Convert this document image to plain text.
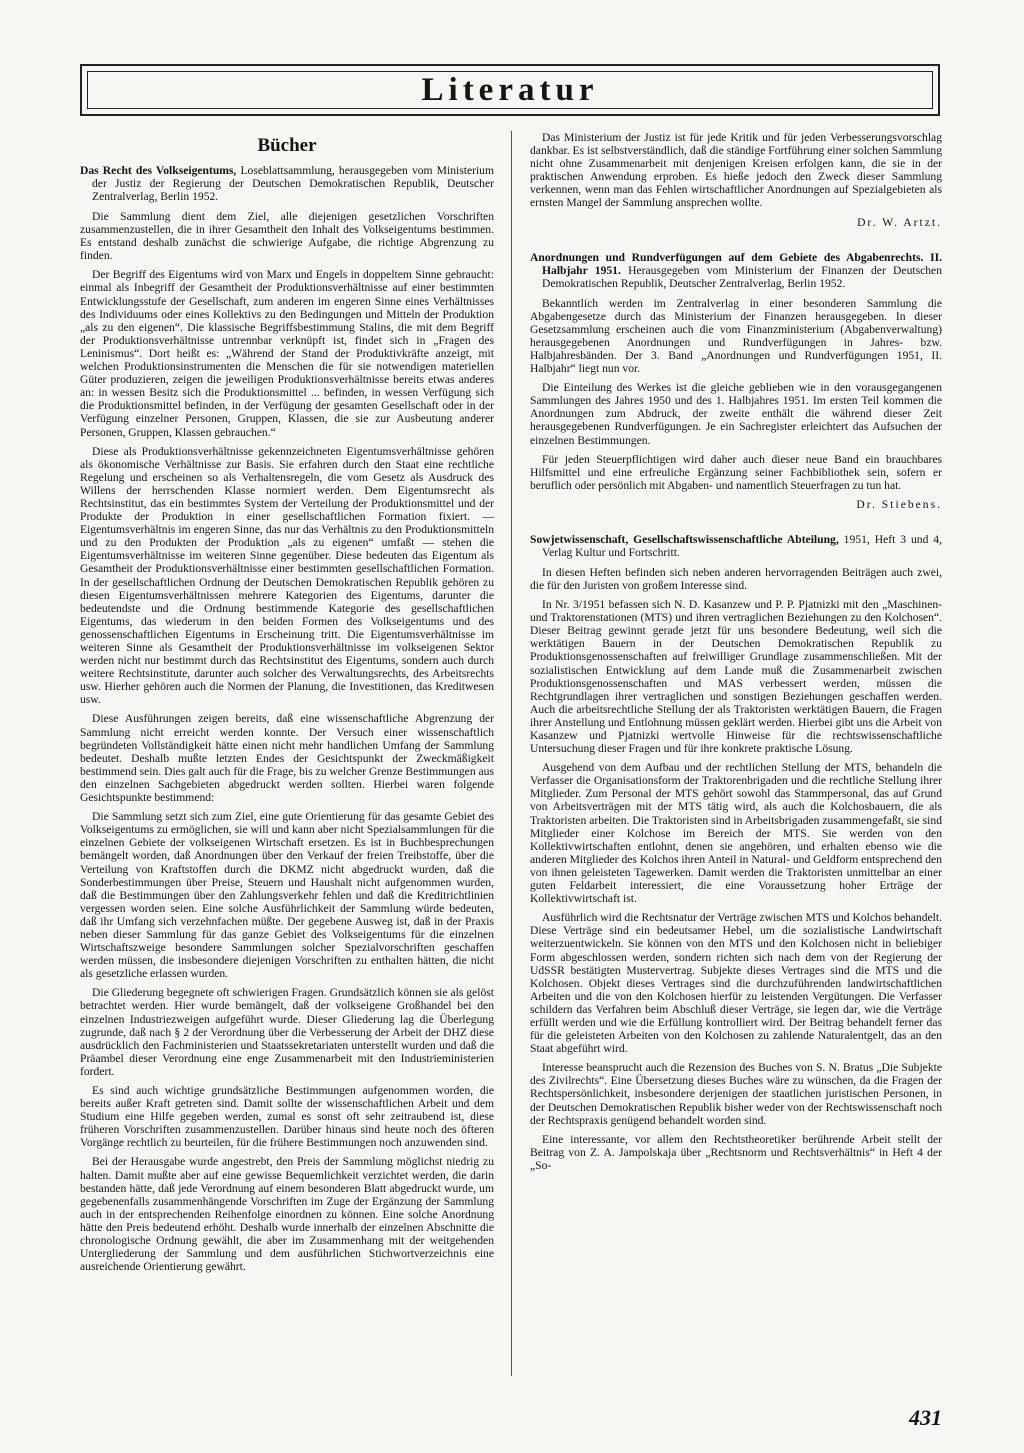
Literatur
Bücher
Das Recht des Volkseigentums, Loseblattsammlung, herausgegeben vom Ministerium der Justiz der Regierung der Deutschen Demokratischen Republik, Deutscher Zentralverlag, Berlin 1952.

Die Sammlung dient dem Ziel, alle diejenigen gesetzlichen Vorschriften zusammenzustellen, die in ihrer Gesamtheit den Inhalt des Volkseigentums bestimmen. Es entstand deshalb zunächst die schwierige Aufgabe, die richtige Abgrenzung zu finden.

Der Begriff des Eigentums wird von Marx und Engels in doppeltem Sinne gebraucht: einmal als Inbegriff der Gesamtheit der Produktionsverhältnisse auf einer bestimmten Entwicklungsstufe der Gesellschaft, zum anderen im engeren Sinne eines Verhältnisses des Individuums oder eines Kollektivs zu den Bedingungen und Mitteln der Produktion „als zu den eigenen“. Die klassische Begriffsbestimmung Stalins, die mit dem Begriff der Produktionsverhältnisse untrennbar verknüpft ist, findet sich in „Fragen des Leninismus“. Dort heißt es: „Während der Stand der Produktivkräfte anzeigt, mit welchen Produktionsinstrumenten die Menschen die für sie notwendigen materiellen Güter produzieren, zeigen die jeweiligen Produktionsverhältnisse bereits etwas anderes an: in wessen Besitz sich die Produktionsmittel ... befinden, in wessen Verfügung sich die Produktionsmittel befinden, in der Verfügung der gesamten Gesellschaft oder in der Verfügung einzelner Personen, Gruppen, Klassen, die sie zur Ausbeutung anderer Personen, Gruppen, Klassen gebrauchen.“

Diese als Produktionsverhältnisse gekennzeichneten Eigentumsverhältnisse gehören als ökonomische Verhältnisse zur Basis. Sie erfahren durch den Staat eine rechtliche Regelung und erscheinen so als Verhaltensregeln, die vom Gesetz als Ausdruck des Willens der herrschenden Klasse normiert werden. Dem Eigentumsrecht als Rechtsinstitut, das ein bestimmtes System der Verteilung der Produktionsmittel und der Produkte der Produktion in einer gesellschaftlichen Formation fixiert. — Eigentumsverhältnis im engeren Sinne, das nur das Verhältnis zu den Produktionsmitteln und zu den Produkten der Produktion „als zu eigenen“ umfaßt — stehen die Eigentumsverhältnisse im weiteren Sinne gegenüber. Diese bedeuten das Eigentum als Gesamtheit der Produktionsverhältnisse einer bestimmten gesellschaftlichen Formation. In der gesellschaftlichen Ordnung der Deutschen Demokratischen Republik gehören zu diesen Eigentumsverhältnissen mehrere Kategorien des Eigentums, darunter die bedeutendste und die Ordnung bestimmende Kategorie des gesellschaftlichen Eigentums, das wiederum in den beiden Formen des Volkseigentums und des genossenschaftlichen Eigentums in Erscheinung tritt. Die Eigentumsverhältnisse im weiteren Sinne als Gesamtheit der Produktionsverhältnisse im volkseigenen Sektor werden nicht nur bestimmt durch das Rechtsinstitut des Eigentums, sondern auch durch weitere Rechtsinstitute, darunter auch solcher des Verwaltungsrechts, des Arbeitsrechts usw. Hierher gehören auch die Normen der Planung, die Investitionen, das Kreditwesen usw.

Diese Ausführungen zeigen bereits, daß eine wissenschaftliche Abgrenzung der Sammlung nicht erreicht werden konnte. Der Versuch einer wissenschaftlich begründeten Vollständigkeit hätte einen nicht mehr handlichen Umfang der Sammlung bedeutet. Deshalb mußte letzten Endes der Gesichtspunkt der Zweckmäßigkeit bestimmend sein. Dies galt auch für die Frage, bis zu welcher Grenze Bestimmungen aus den einzelnen Sachgebieten abgedruckt werden sollten. Hierbei waren folgende Gesichtspunkte bestimmend:

Die Sammlung setzt sich zum Ziel, eine gute Orientierung für das gesamte Gebiet des Volkseigentums zu ermöglichen, sie will und kann aber nicht Spezialsammlungen für die einzelnen Gebiete der volkseigenen Wirtschaft ersetzen. Es ist in Buchbesprechungen bemängelt worden, daß Anordnungen über den Verkauf der freien Treibstoffe, über die Verteilung von Kraftstoffen durch die DKMZ nicht abgedruckt wurden, daß die Sonderbestimmungen über Preise, Steuern und Haushalt nicht aufgenommen wurden, daß die Bestimmungen über den Zahlungsverkehr fehlen und daß die Kreditrichtlinien vergessen worden seien. Eine solche Ausführlichkeit der Sammlung würde bedeuten, daß ihr Umfang sich verzehnfachen müßte. Der gegebene Ausweg ist, daß in der Praxis neben dieser Sammlung für das ganze Gebiet des Volkseigentums für die einzelnen Wirtschaftszweige besondere Sammlungen solcher Spezialvorschriften geschaffen werden müssen, die insbesondere diejenigen Vorschriften zu enthalten hätten, die nicht als gesetzliche erlassen wurden.

Die Gliederung begegnete oft schwierigen Fragen. Grundsätzlich können sie als gelöst betrachtet werden. Hier wurde bemängelt, daß der volkseigene Großhandel bei den einzelnen Industriezweigen aufgeführt wurde. Dieser Gliederung lag die Überlegung zugrunde, daß nach § 2 der Verordnung über die Verbesserung der Arbeit der DHZ diese ausdrücklich den Fachministerien und Staatssekretariaten unterstellt wurden und daß die Präambel dieser Verordnung eine enge Zusammenarbeit mit den Industrieministerien fordert.

Es sind auch wichtige grundsätzliche Bestimmungen aufgenommen worden, die bereits außer Kraft getreten sind. Damit sollte der wissenschaftlichen Arbeit und dem Studium eine Hilfe gegeben werden, zumal es sonst oft sehr zeitraubend ist, diese früheren Vorschriften zusammenzustellen. Darüber hinaus sind heute noch des öfteren Vorgänge rechtlich zu beurteilen, für die frühere Bestimmungen noch anzuwenden sind.

Bei der Herausgabe wurde angestrebt, den Preis der Sammlung möglichst niedrig zu halten. Damit mußte aber auf eine gewisse Bequemlichkeit verzichtet werden, die darin bestanden hätte, daß jede Verordnung auf einem besonderen Blatt abgedruckt wurde, um gegebenenfalls zusammenhängende Vorschriften im Zuge der Ergänzung der Sammlung auch in der entsprechenden Reihenfolge einordnen zu können. Eine solche Anordnung hätte den Preis bedeutend erhöht. Deshalb wurde innerhalb der einzelnen Abschnitte die chronologische Ordnung gewählt, die aber im Zusammenhang mit der weitgehenden Untergliederung der Sammlung und dem ausführlichen Stichwortverzeichnis eine ausreichende Orientierung gewährt.

Das Ministerium der Justiz ist für jede Kritik und für jeden Verbesserungsvorschlag dankbar. Es ist selbstverständlich, daß die ständige Fortführung einer solchen Sammlung nicht ohne Zusammenarbeit mit denjenigen Kreisen erfolgen kann, die sie in der praktischen Anwendung erproben. Es hieße jedoch den Zweck dieser Sammlung verkennen, wenn man das Fehlen wirtschaftlicher Anordnungen auf Spezialgebieten als ernsten Mangel der Sammlung ansprechen wollte.

Dr. W. Artzt.
Anordnungen und Rundverfügungen auf dem Gebiete des Abgabenrechts. II. Halbjahr 1951. Herausgegeben vom Ministerium der Finanzen der Deutschen Demokratischen Republik, Deutscher Zentralverlag, Berlin 1952.

Bekanntlich werden im Zentralverlag in einer besonderen Sammlung die Abgabengesetze durch das Ministerium der Finanzen herausgegeben. In dieser Gesetzsammlung erscheinen auch die vom Finanzministerium (Abgabenverwaltung) herausgegebenen Anordnungen und Rundverfügungen in Jahres- bzw. Halbjahresbänden. Der 3. Band „Anordnungen und Rundverfügungen 1951, II. Halbjahr“ liegt nun vor.

Die Einteilung des Werkes ist die gleiche geblieben wie in den vorausgegangenen Sammlungen des Jahres 1950 und des 1. Halbjahres 1951. Im ersten Teil kommen die Anordnungen zum Abdruck, der zweite enthält die während dieser Zeit herausgegebenen Rundverfügungen. Je ein Sachregister erleichtert das Aufsuchen der einzelnen Bestimmungen.

Für jeden Steuerpflichtigen wird daher auch dieser neue Band ein brauchbares Hilfsmittel und eine erfreuliche Ergänzung seiner Fachbibliothek sein, sofern er beruflich oder persönlich mit Abgaben- und namentlich Steuerfragen zu tun hat.

Dr. Stiebens.
Sowjetwissenschaft, Gesellschaftswissenschaftliche Abteilung, 1951, Heft 3 und 4, Verlag Kultur und Fortschritt.

In diesen Heften befinden sich neben anderen hervorragenden Beiträgen auch zwei, die für den Juristen von großem Interesse sind.

In Nr. 3/1951 befassen sich N. D. Kasanzew und P. P. Pjatnizki mit den „Maschinen- und Traktorenstationen (MTS) und ihren vertraglichen Beziehungen zu den Kolchosen“. Dieser Beitrag gewinnt gerade jetzt für uns besondere Bedeutung, weil sich die werktätigen Bauern in der Deutschen Demokratischen Republik zu Produktionsgenossenschaften auf freiwilliger Grundlage zusammenschließen. Mit der sozialistischen Entwicklung auf dem Lande muß die Zusammenarbeit zwischen Produktionsgenossenschaften und MAS verbessert werden, müssen die Rechtgrundlagen ihrer vertraglichen und sonstigen Beziehungen geschaffen werden. Auch die arbeitsrechtliche Stellung der als Traktoristen werktätigen Bauern, die Fragen ihrer Anstellung und Entlohnung müssen geklärt werden. Hierbei gibt uns die Arbeit von Kasanzew und Pjatnizki wertvolle Hinweise für die rechtswissenschaftliche Untersuchung dieser Fragen und für ihre konkrete praktische Lösung.

Ausgehend von dem Aufbau und der rechtlichen Stellung der MTS, behandeln die Verfasser die Organisationsform der Traktorenbrigaden und die rechtliche Stellung ihrer Mitglieder. Zum Personal der MTS gehört sowohl das Stammpersonal, das auf Grund von Arbeitsverträgen mit der MTS tätig wird, als auch die Kolchosbauern, die als Traktoristen arbeiten. Die Traktoristen sind in Arbeitsbrigaden zusammengefaßt, sie sind Mitglieder einer Kolchose im Bereich der MTS. Sie werden von den Kollektivwirtschaften entlohnt, denen sie angehören, und erhalten ebenso wie die anderen Mitglieder des Kolchos ihren Anteil in Natural- und Geldform entsprechend den von ihnen geleisteten Tagewerken. Damit werden die Traktoristen unmittelbar an einer guten Feldarbeit interessiert, die eine Voraussetzung hoher Erträge der Kollektivwirtschaft ist.

Ausführlich wird die Rechtsnatur der Verträge zwischen MTS und Kolchos behandelt. Diese Verträge sind ein bedeutsamer Hebel, um die sozialistische Landwirtschaft weiterzuentwickeln. Sie können von den MTS und den Kolchosen nicht in beliebiger Form abgeschlossen werden, sondern richten sich nach dem von der Regierung der UdSSR bestätigten Mustervertrag. Subjekte dieses Vertrages sind die MTS und die Kolchosen. Objekt dieses Vertrages sind die durchzuführenden landwirtschaftlichen Arbeiten und die von den Kolchosen hierfür zu leistenden Vergütungen. Die Verfasser schildern das Verfahren beim Abschluß dieser Verträge, sie legen dar, wie die Verträge erfüllt werden und wie die Erfüllung kontrolliert wird. Der Beitrag behandelt ferner das für die geleisteten Arbeiten von den Kolchosen zu zahlende Naturalentgelt, das an den Staat abgeführt wird.

Interesse beansprucht auch die Rezension des Buches von S. N. Bratus „Die Subjekte des Zivilrechts“. Eine Übersetzung dieses Buches wäre zu wünschen, da die Fragen der Rechtspersönlichkeit, insbesondere derjenigen der staatlichen juristischen Personen, in der Deutschen Demokratischen Republik bisher weder von der Rechtswissenschaft noch der Rechtspraxis genügend behandelt worden sind.

Eine interessante, vor allem den Rechtstheoretiker berührende Arbeit stellt der Beitrag von Z. A. Jampolskaja über „Rechtsnorm und Rechtsverhältnis“ in Heft 4 der „So-

431
